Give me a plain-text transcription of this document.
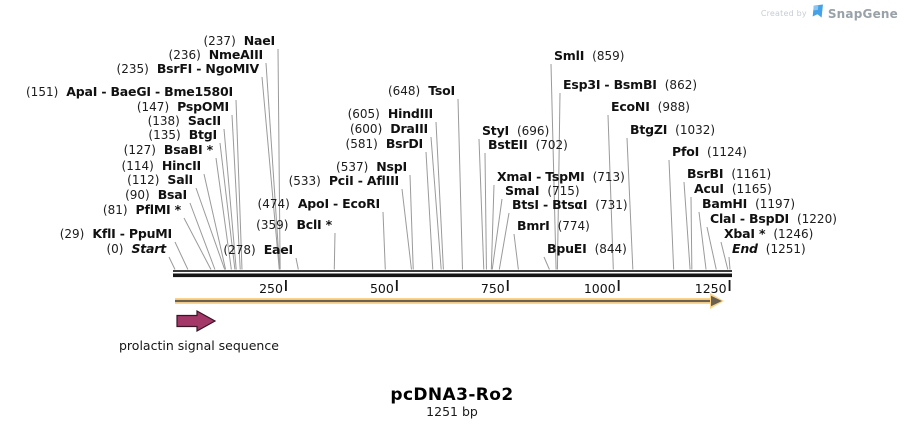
250	500	750	1000	1250
(237) NaeI
(236) NmeAIII
(235) BsrFI - NgoMIV
(151) ApaI - BaeGI - Bme1580I
(147) PspOMI
(138) SacII
(135) BtgI
(127) BsaBI *
(114) HincII
(112) SalI
(90) BsaI
(81) PflMI *
(29) KflI - PpuMI
(0) Start	(278) EaeI
(359) BclI *
(474) ApoI - EcoRI
(533) PciI - AflIII
(537) NspI
(581) BsrDI
(600) DraIII
(605) HindIII
(648) TsoI
StyI (696)
BstEII (702)
XmaI - TspMI (713)
SmaI (715)
BtsI - BtsαI (731)
BmrI (774)
BpuEI (844)
SmlI (859)
Esp3I - BsmBI (862)
EcoNI (988)
BtgZI (1032)
PfoI (1124)
BsrBI (1161)
AcuI (1165)
BamHI (1197)
ClaI - BspDI (1220)
XbaI * (1246)
End (1251)
prolactin signal sequence
pcDNA3-Ro2
1251 bp
Created by SnapGene
